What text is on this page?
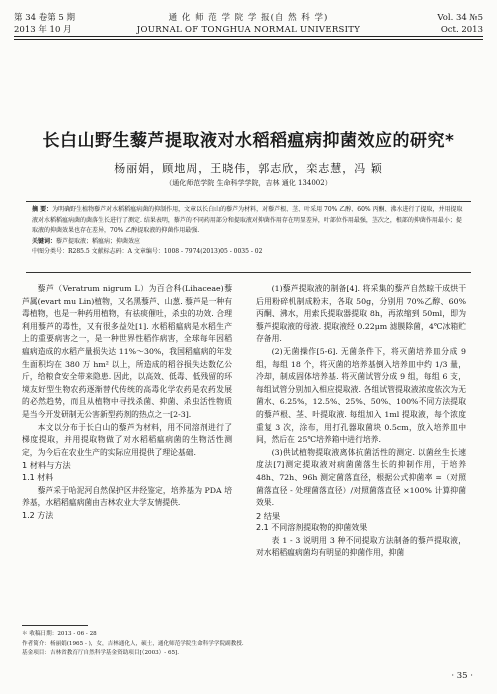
第 34 卷第 5 期
2013 年 10 月
通 化 师 范 学 院 学 报(自 然 科 学)
JOURNAL OF TONGHUA NORMAL UNIVERSITY
Vol. 34 №5
Oct. 2013
长白山野生藜芦提取液对水稻稻瘟病抑菌效应的研究*
杨丽娟，顾地周，王晓伟，郭志欣，栾志慧，冯 颖
（通化师范学院 生命科学学院，吉林 通化 134002）

摘 要：为明确野生植物藜芦对水稻稻瘟病菌的抑制作用，文章以长白山的藜芦为材料，对藜芦根、茎、叶采用 70% 乙醇、60% 丙酮、沸水进行了提取，并用提取液对水稻稻瘟病菌的菌落生长进行了测定. 结果表明，藜芦的不同药用部分和提取液对抑菌作用存在明显差异，叶部位作用最强，茎次之，根部的抑菌作用最小；提取液的抑菌效果也存在差异，70% 乙醇提取液的抑菌作用最强.

关键词：藜芦提取液；稻瘟病；抑菌效应

中图分类号：R285.5 文献标志码：A 文章编号：1008 - 7974(2013)05 - 0035 - 02

藜芦（Veratrum nigrum L）为百合科(Lihaceae)藜芦属(evart mu Lin)植物，又名黑藜芦、山葱. 藜芦是一种有毒植物，也是一种药用植物，有祛痰催吐，杀虫的功效. 合理利用藜芦的毒性，又有很多益处[1]. 水稻稻瘟病是水稻生产上的重要病害之一，是一种世界性稻作病害，全球每年因稻瘟病造成的水稻产量损失达 11%～30%，我国稻瘟病的年发生面积均在 380 万 hm² 以上，所造成的稻谷损失达数亿公斤，给粮食安全带来隐患. 因此，以高效、低毒、低残留的环境友好型生物农药逐渐替代传统的高毒化学农药是农药发展的必然趋势，而且从植物中寻找杀菌、抑菌、杀虫活性物质是当今开发研制无公害新型药剂的热点之一[2-3].

本文以分布于长白山的藜芦为材料，用不同溶剂进行了梯度提取，并用提取物做了对水稻稻瘟病菌的生物活性测定，为今后在农业生产的实际应用提供了理论基础.

1 材料与方法

1.1 材料

藜芦采于哈泥河自然保护区井经鉴定，培养基为 PDA 培养基，水稻稻瘟病菌由吉林农业大学友情提供.

1.2 方法

(1)藜芦提取液的制备[4]. 将采集的藜芦自然晾干成烘干后用粉碎机制成粉末，各取 50g，分别用 70%乙醇、60%丙酮、沸水，用索氏提取器提取 8h，再浓缩到 50ml，即为藜芦提取液的母液. 提取液经 0.22μm 滤膜除菌，4℃冰箱贮存备用.

(2)无菌操作[5-6]. 无菌条件下，将灭菌培养皿分成 9 组，每组 18 个，将灭菌的培养基倒入培养皿中约 1/3 量，冷却，制成固体培养基. 将灭菌试管分成 9 组，每组 6 支，每组试管分别加入相应提取液. 各组试管提取液浓度依次为无菌水、6.25%，12.5%、25%、50%、100%不同方法提取的藜芦根、茎、叶提取液. 每组加入 1ml 提取液，每个浓度重复 3 次，涂布，用打孔器取菌块 0.5cm，放入培养皿中间，然后在 25℃培养箱中进行培养.

(3)供试植物提取液离体抗菌活性的测定. 以菌丝生长速度法[7]测定提取液对病菌菌落生长的抑制作用，于培养 48h、72h、96h 测定菌落直径，根据公式抑菌率 =（对照菌落直径 - 处理菌落直径）/对照菌落直径 ×100% 计算抑菌效果.

2 结果

2.1 不同溶剂提取物的抑菌效果

表 1 - 3 说明用 3 种不同提取方法制备的藜芦提取液，对水稻稻瘟病菌均有明显的抑菌作用，抑菌

＊ 收稿日期：2013 - 06 - 28

作者简介：杨丽娟(1965 - )，女，吉林通化人，硕士，通化师范学院生命科学学院副教授.

基金项目：吉林省教育厅自然科学基金资助项目[（2003）- 65].

· 35 ·
